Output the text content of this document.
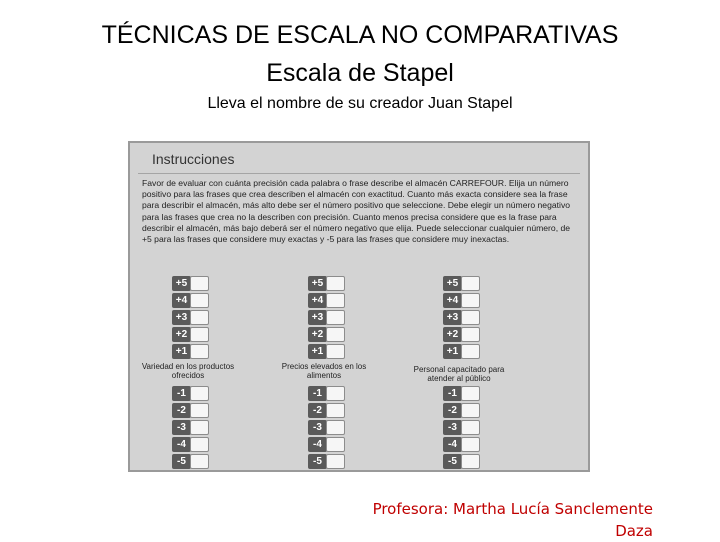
TÉCNICAS DE ESCALA NO COMPARATIVAS
Escala de Stapel
Lleva el nombre de su creador Juan Stapel
Instrucciones
Favor de evaluar con cuánta precisión cada palabra o frase describe el almacén CARREFOUR. Elija un número positivo para las frases que crea describen el almacén con exactitud. Cuanto más exacta considere sea la frase para describir el almacén, más alto debe ser el número positivo que seleccione. Debe elegir un número negativo para las frases que crea no la describen con precisión. Cuanto menos precisa considere que es la frase para describir el almacén, más bajo deberá ser el número negativo que elija. Puede seleccionar cualquier número, de +5 para las frases que considere muy exactas y -5 para las frases que considere muy inexactas.
+5
+4
+3
+2
+1
Variedad en los productos ofrecidos
-1
-2
-3
-4
-5
+5
+4
+3
+2
+1
Precios elevados en los alimentos
-1
-2
-3
-4
-5
+5
+4
+3
+2
+1
Personal capacitado para atender al público
-1
-2
-3
-4
-5
Profesora: Martha Lucía Sanclemente Daza
